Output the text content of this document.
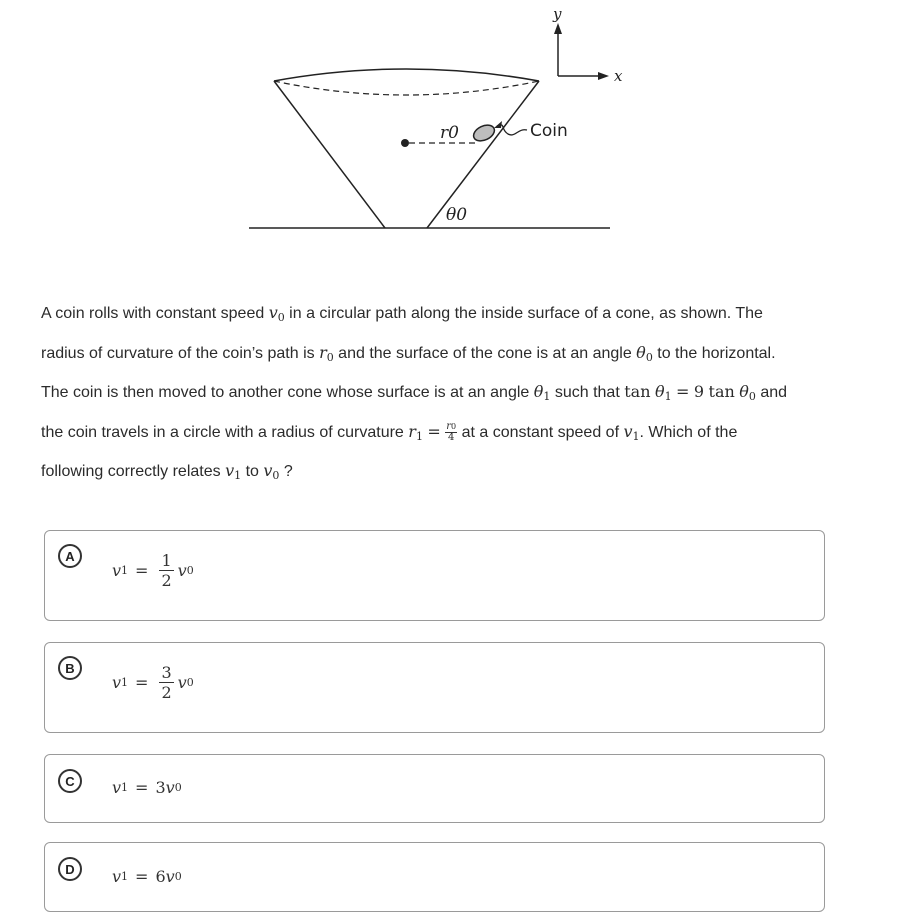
r0	Coin
θ0
y
x
A coin rolls with constant speed $v_0$ in a circular path along the inside surface of a cone, as shown. The
radius of curvature of the coin’s path is $r_0$ and the surface of the cone is at an angle $\theta_0$ to the horizontal.
The coin is then moved to another cone whose surface is at an angle $\theta_1$ such that $\tan \theta_1 = 9$ $\tan \theta_0$ and
the coin travels in a circle with a radius of curvature $r_1 = \frac{r0}{4}$ at a constant speed of $v_1$. Which of the
following correctly relates $v_1$ to $v_0$ ?
A
v $1 = \frac{1}{2}$ v 0
B
v $1 = \frac{3}{2}$ v 0
C	v 1 = 3 v 0
D	v 1 = 6 v 0
